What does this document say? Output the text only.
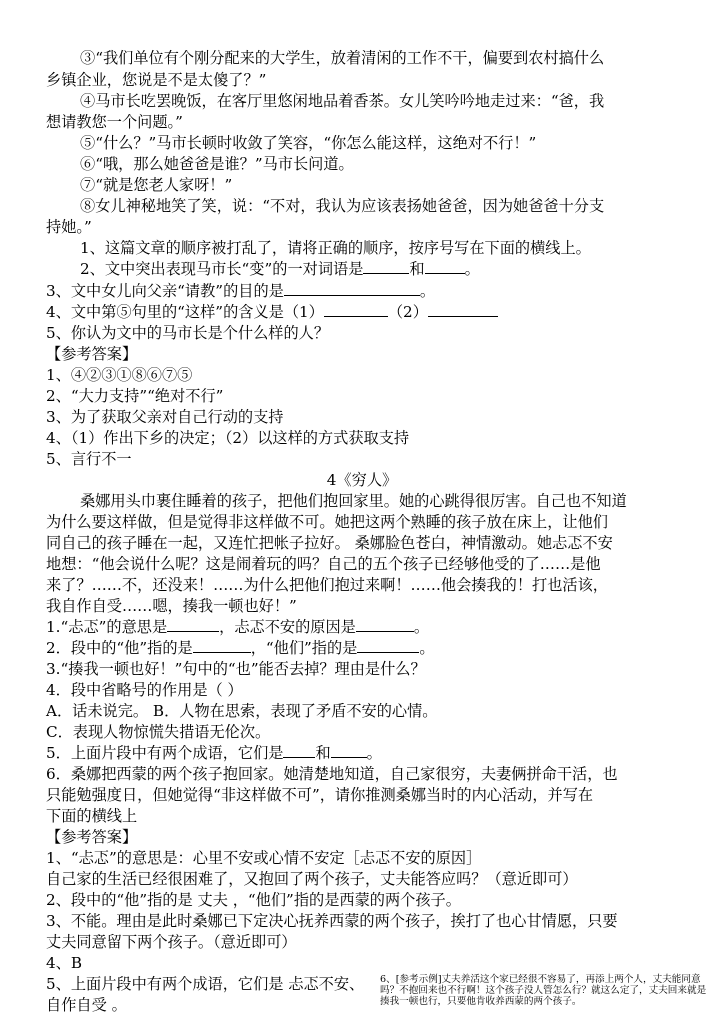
③“我们单位有个刚分配来的大学生，放着清闲的工作不干，偏要到农村搞什么
乡镇企业，您说是不是太傻了？”
④马市长吃罢晚饭，在客厅里悠闲地品着香茶。女儿笑吟吟地走过来：“爸，我
想请教您一个问题。”
⑤“什么？”马市长顿时收敛了笑容，“你怎么能这样，这绝对不行！”
⑥“哦，那么她爸爸是谁？”马市长问道。
⑦“就是您老人家呀！”
⑧女儿神秘地笑了笑，说：“不对，我认为应该表扬她爸爸，因为她爸爸十分支
持她。”
1、这篇文章的顺序被打乱了，请将正确的顺序，按序号写在下面的横线上。
2、文中突出表现马市长“变”的一对词语是	和	。
3、文中女儿向父亲“请教”的目的是	。
4、文中第⑤句里的“这样”的含义是（1）	（2）
5、你认为文中的马市长是个什么样的人？
【参考答案】
1、④②③①⑧⑥⑦⑤
2、“大力支持”“绝对不行”
3、为了获取父亲对自己行动的支持
4、（1）作出下乡的决定；（2）以这样的方式获取支持
5、言行不一
4《穷人》
桑娜用头巾裹住睡着的孩子，把他们抱回家里。她的心跳得很厉害。自己也不知道
为什么要这样做，但是觉得非这样做不可。她把这两个熟睡的孩子放在床上，让他们
同自己的孩子睡在一起，又连忙把帐子拉好。 桑娜脸色苍白，神情激动。她忐忑不安
地想：“他会说什么呢？这是闹着玩的吗？自己的五个孩子已经够他受的了……是他
来了？……不，还没来！……为什么把他们抱过来啊！……他会揍我的！打也活该，
我自作自受……嗯，揍我一顿也好！”
1.“忐忑”的意思是	，忐忑不安的原因是	。
2．段中的“他”指的是	，“他们”指的是	。
3.“揍我一顿也好！”句中的“也”能否去掉？理由是什么？
4．段中省略号的作用是（ ）
A．话未说完。 B．人物在思索，表现了矛盾不安的心情。
C．表现人物惊慌失措语无伦次。
5．上面片段中有两个成语，它们是 和 。
6．桑娜把西蒙的两个孩子抱回家。她清楚地知道，自己家很穷，夫妻俩拼命干活，也
只能勉强度日，但她觉得“非这样做不可”，请你推测桑娜当时的内心活动，并写在
下面的横线上
【参考答案】
1、“忐忑”的意思是：心里不安或心情不安定［忐忑不安的原因］
自己家的生活已经很困难了，又抱回了两个孩子，丈夫能答应吗？（意近即可）
2、段中的“他”指的是 丈夫 ，“他们”指的是西蒙的两个孩子。
3、不能。理由是此时桑娜已下定决心抚养西蒙的两个孩子，挨打了也心甘情愿，只要
丈夫同意留下两个孩子。（意近即可）
4、B
5、上面片段中有两个成语，它们是 忐忑不安、
自作自受 。
6、[参考示例]丈夫养活这个家已经很不容易了，再添上两个人，丈夫能同意吗？不抱回来也不行啊！这个孩子没人管怎么行？就这么定了，丈夫回来就是揍我一顿也行，只要他肯收养西蒙的两个孩子。
